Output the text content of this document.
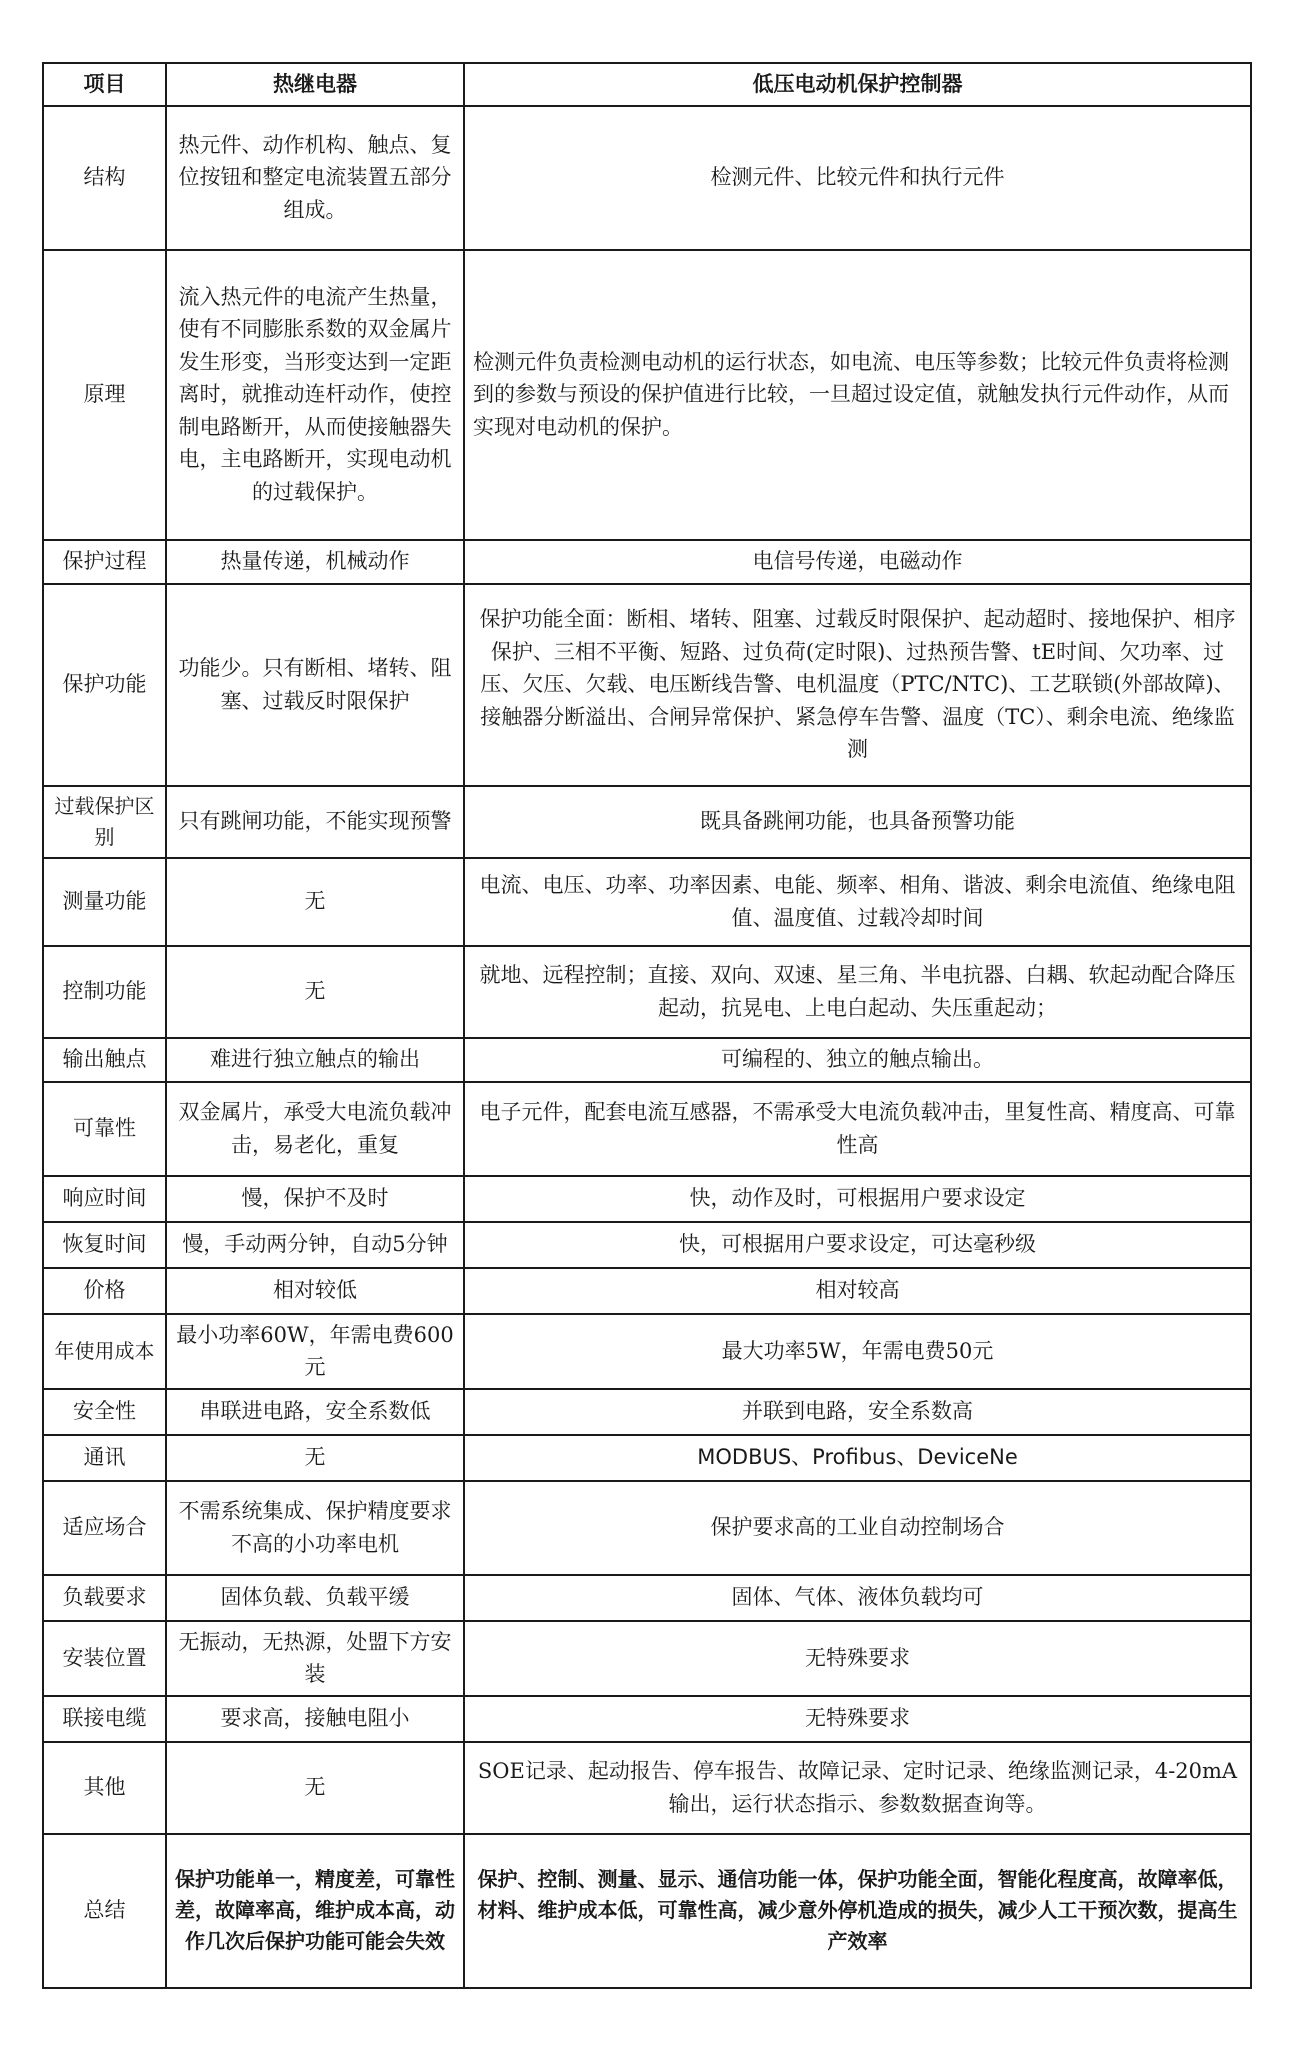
项目	热继电器	低压电动机保护控制器
结构	热元件、动作机构、触点、复位按钮和整定电流装置五部分组成。	检测元件、比较元件和执行元件
原理	流入热元件的电流产生热量，使有不同膨胀系数的双金属片发生形变，当形变达到一定距离时，就推动连杆动作，使控制电路断开，从而使接触器失电，主电路断开，实现电动机的过载保护。	检测元件负责检测电动机的运行状态，如电流、电压等参数；比较元件负责将检测到的参数与预设的保护值进行比较，一旦超过设定值，就触发执行元件动作，从而实现对电动机的保护。
保护过程	热量传递，机械动作	电信号传递，电磁动作
保护功能	功能少。只有断相、堵转、阻塞、过载反时限保护	保护功能全面：断相、堵转、阻塞、过载反时限保护、起动超时、接地保护、相序保护、三相不平衡、短路、过负荷(定时限)、过热预告警、tE时间、欠功率、过压、欠压、欠载、电压断线告警、电机温度（PTC/NTC)、工艺联锁(外部故障)、接触器分断溢出、合闸异常保护、紧急停车告警、温度（TC）、剩余电流、绝缘监测
过载保护区别	只有跳闸功能，不能实现预警	既具备跳闸功能，也具备预警功能
测量功能	无	电流、电压、功率、功率因素、电能、频率、相角、谐波、剩余电流值、绝缘电阻值、温度值、过载冷却时间
控制功能	无	就地、远程控制；直接、双向、双速、星三角、半电抗器、白耦、软起动配合降压起动，抗晃电、上电白起动、失压重起动；
输出触点	难进行独立触点的输出	可编程的、独立的触点输出。
可靠性	双金属片，承受大电流负载冲击，易老化，重复	电子元件，配套电流互感器，不需承受大电流负载冲击，里复性高、精度高、可靠性高
响应时间	慢，保护不及时	快，动作及时，可根据用户要求设定
恢复时间	慢，手动两分钟，自动5分钟	快，可根据用户要求设定，可达毫秒级
价格	相对较低	相对较高
年使用成本	最小功率60W，年需电费600元	最大功率5W，年需电费50元
安全性	串联进电路，安全系数低	并联到电路，安全系数高
通讯	无	MODBUS、Profibus、DeviceNe
适应场合	不需系统集成、保护精度要求不高的小功率电机	保护要求高的工业自动控制场合
负载要求	固体负载、负载平缓	固体、气体、液体负载均可
安装位置	无振动，无热源，处盟下方安装	无特殊要求
联接电缆	要求高，接触电阻小	无特殊要求
其他	无	SOE记录、起动报告、停车报告、故障记录、定时记录、绝缘监测记录，4-20mA输出，运行状态指示、参数数据查询等。
总结	保护功能单一，精度差，可靠性差，故障率高，维护成本高，动作几次后保护功能可能会失效	保护、控制、测量、显示、通信功能一体，保护功能全面，智能化程度高，故障率低，材料、维护成本低，可靠性高，减少意外停机造成的损失，减少人工干预次数，提高生产效率
